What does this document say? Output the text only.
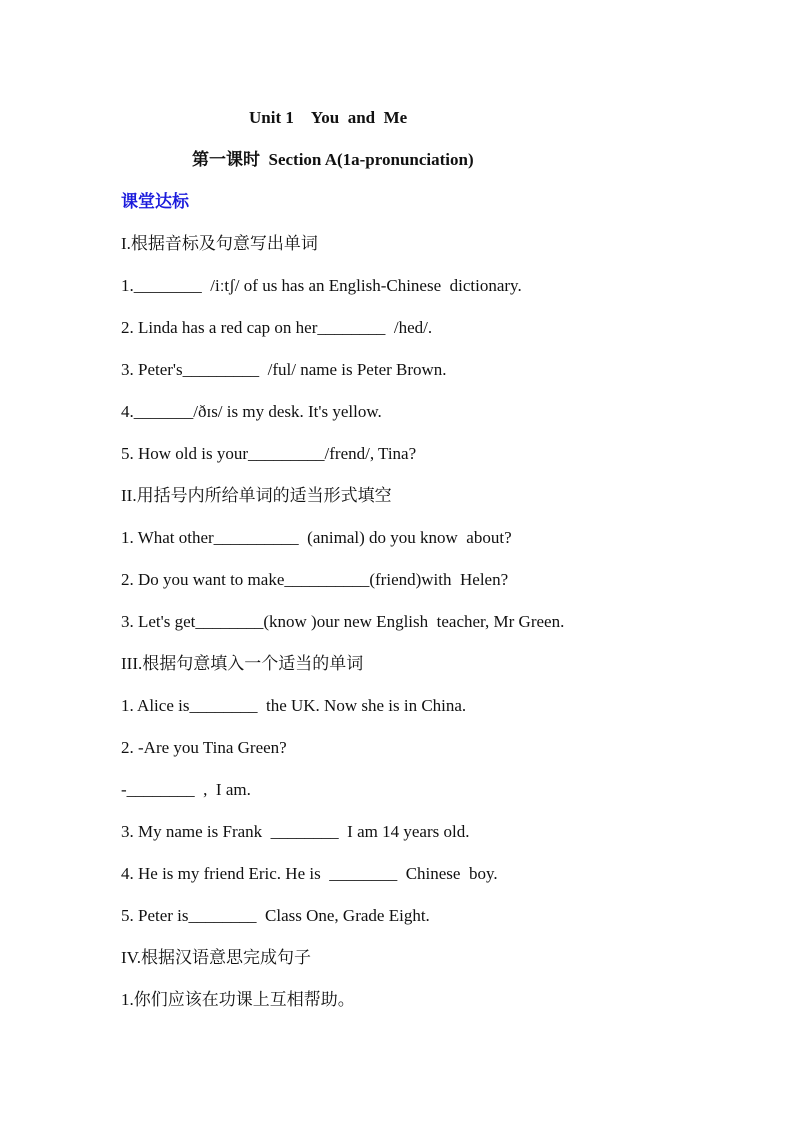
Unit 1    You  and  Me
第一课时  Section A(1a-pronunciation)
课堂达标
I.根据音标及句意写出单词
1.________  /iːtʃ/ of us has an English-Chinese  dictionary.
2. Linda has a red cap on her________  /hed/.
3. Peter's_________  /ful/ name is Peter Brown.
4._______/ðɪs/ is my desk. It's yellow.
5. How old is your_________/frend/, Tina?
II.用括号内所给单词的适当形式填空
1. What other__________  (animal) do you know  about?
2. Do you want to make__________(friend)with  Helen?
3. Let's get________(know )our new English  teacher, Mr Green.
III.根据句意填入一个适当的单词
1. Alice is________  the UK. Now she is in China.
2. -Are you Tina Green?
-________  ,  I am.
3. My name is Frank  ________  I am 14 years old.
4. He is my friend Eric. He is  ________  Chinese  boy.
5. Peter is________  Class One, Grade Eight.
IV.根据汉语意思完成句子
1.你们应该在功课上互相帮助。
